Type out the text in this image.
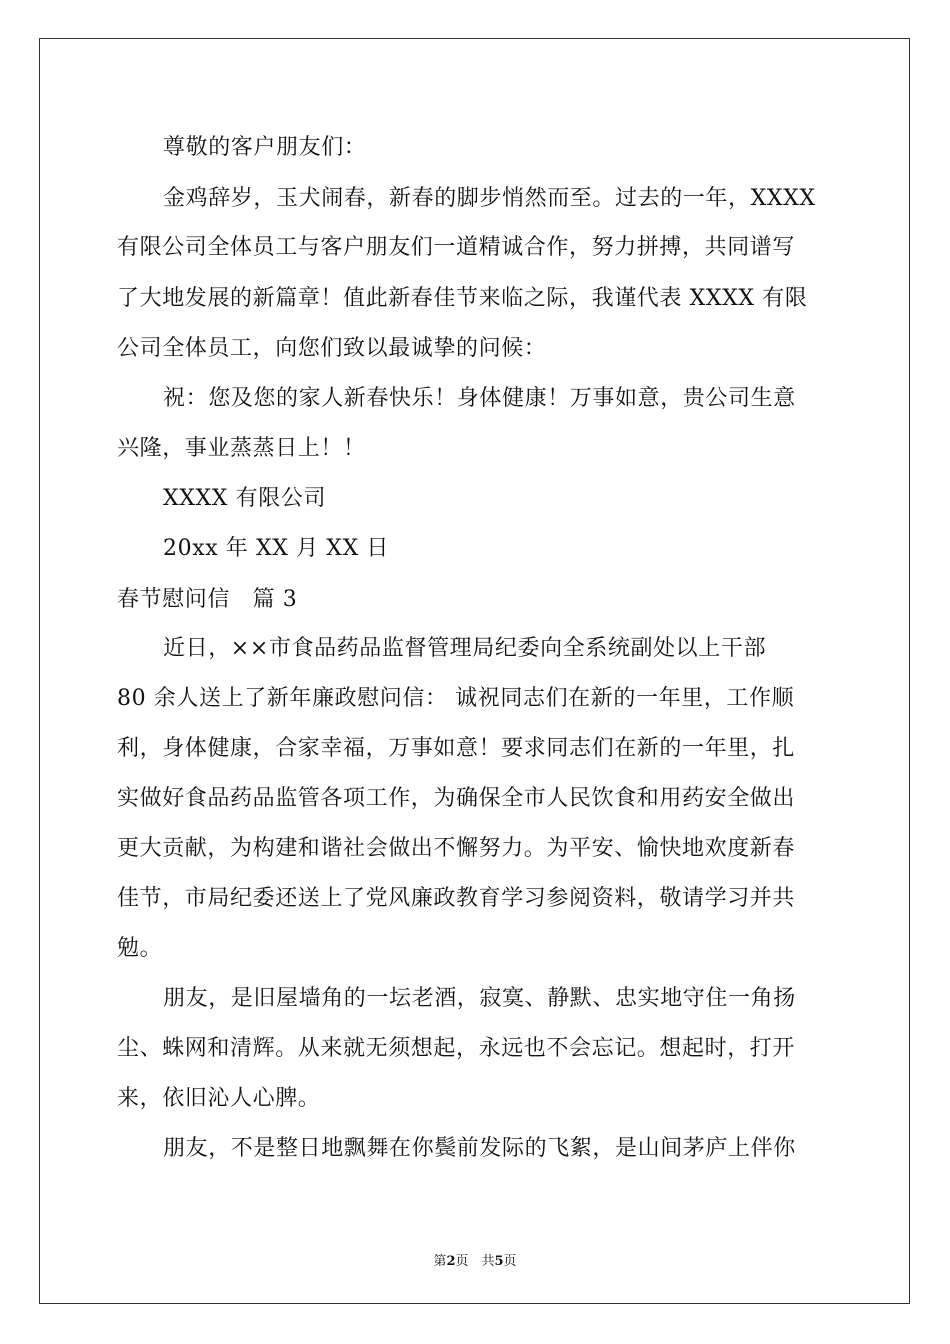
尊敬的客户朋友们：
金鸡辞岁，玉犬闹春，新春的脚步悄然而至。过去的一年，XXXX
有限公司全体员工与客户朋友们一道精诚合作，努力拼搏，共同谱写
了大地发展的新篇章！值此新春佳节来临之际，我谨代表 XXXX 有限
公司全体员工，向您们致以最诚挚的问候：
祝：您及您的家人新春快乐！身体健康！万事如意，贵公司生意
兴隆，事业蒸蒸日上！！
XXXX 有限公司
20xx 年 XX 月 XX 日
春节慰问信　篇 3
近日，××市食品药品监督管理局纪委向全系统副处以上干部
80 余人送上了新年廉政慰问信： 诚祝同志们在新的一年里，工作顺
利，身体健康，合家幸福，万事如意！要求同志们在新的一年里，扎
实做好食品药品监管各项工作，为确保全市人民饮食和用药安全做出
更大贡献，为构建和谐社会做出不懈努力。为平安、愉快地欢度新春
佳节，市局纪委还送上了党风廉政教育学习参阅资料，敬请学习并共
勉。
朋友，是旧屋墙角的一坛老酒，寂寞、静默、忠实地守住一角扬
尘、蛛网和清辉。从来就无须想起，永远也不会忘记。想起时，打开
来，依旧沁人心脾。
朋友，不是整日地飘舞在你鬓前发际的飞絮，是山间茅庐上伴你
第2页　共5页
